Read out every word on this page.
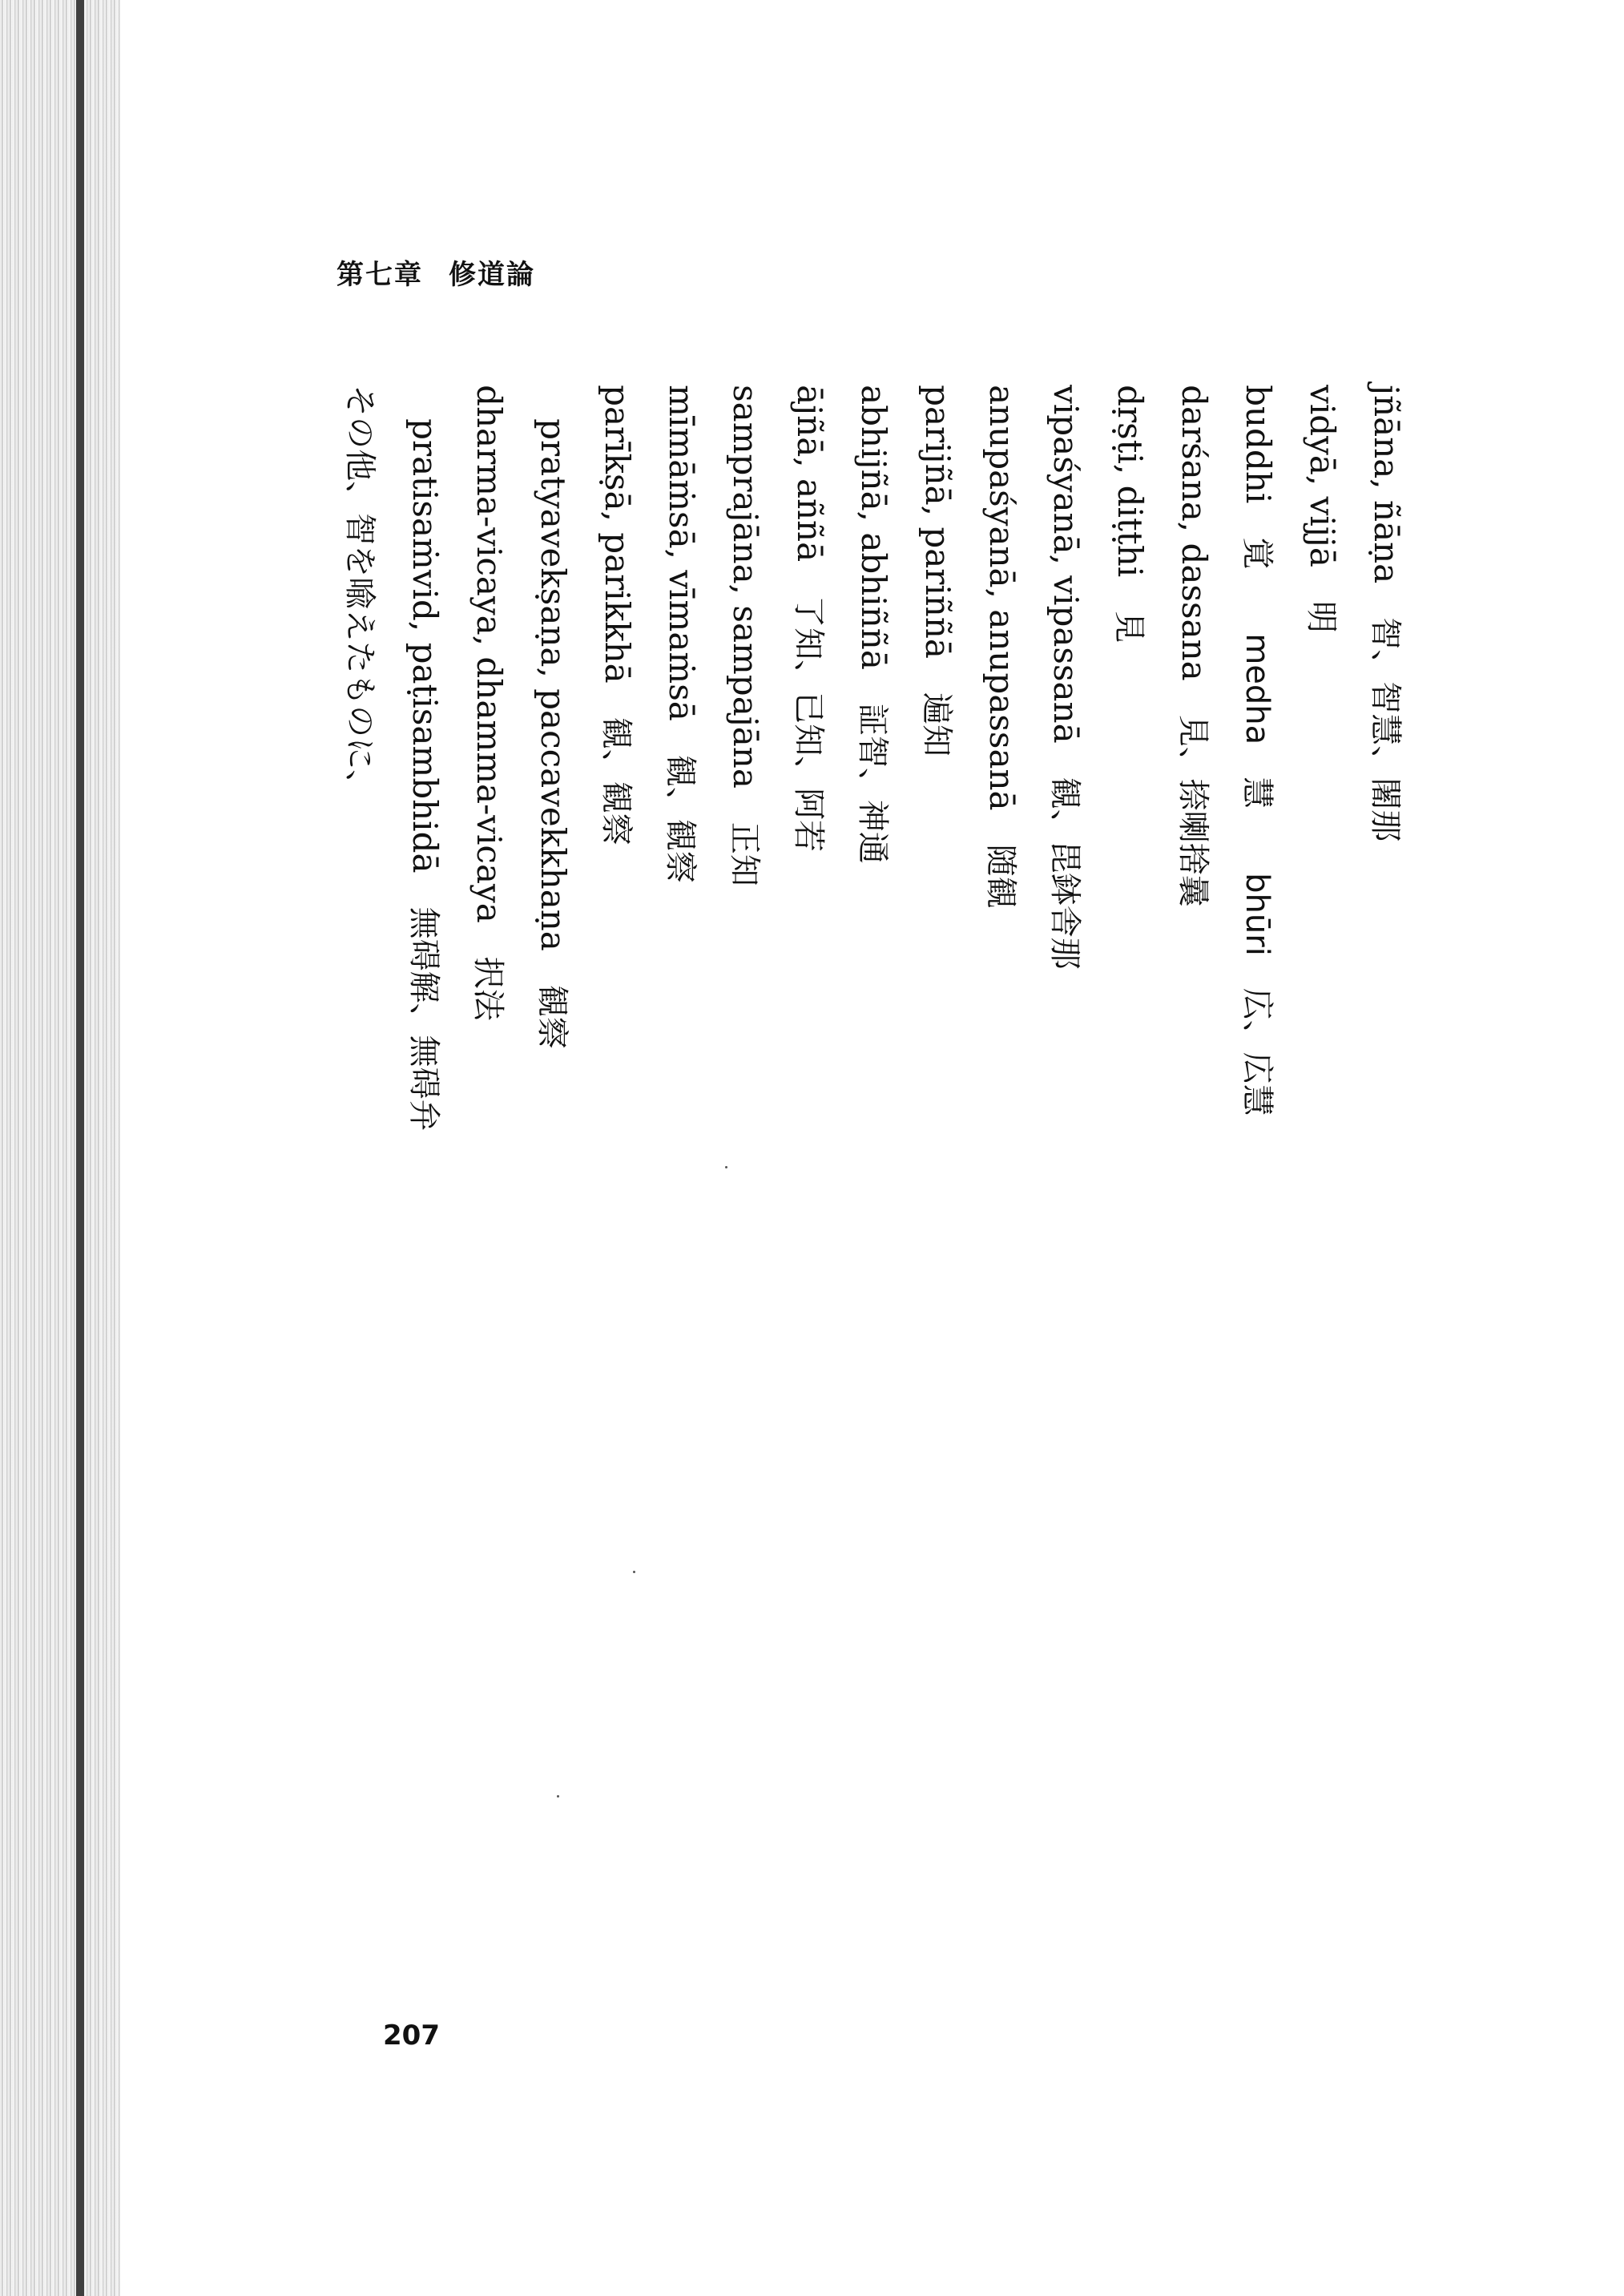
第七章 修道論

jñāna, ñāṇa　智、智慧、闍那

vidyā, vijjā　明

buddhi　覚　　medha　慧　　bhūri　広、広慧

darśana, dassana　見、捺喇捨曩

dṛṣṭi, diṭṭhi　見

vipaśyanā, vipassanā　観、毘鉢舎那

anupaśyanā, anupassanā　随観

parijñā, pariññā　遍知

abhijñā, abhiññā　証智、神通

ājñā, aññā　了知、已知、阿若

samprajāna, sampajāna　正知

mīmāṁsā, vīmaṁsā　観、観察

parīkṣā, parikkhā　観、観察

　pratyavekṣaṇa, paccavekkhaṇa　観察

dharma-vicaya, dhamma-vicaya　択法

　pratisaṁvid, paṭisambhidā　無碍解、無碍弁

その他、智を喩えたものに、

207
